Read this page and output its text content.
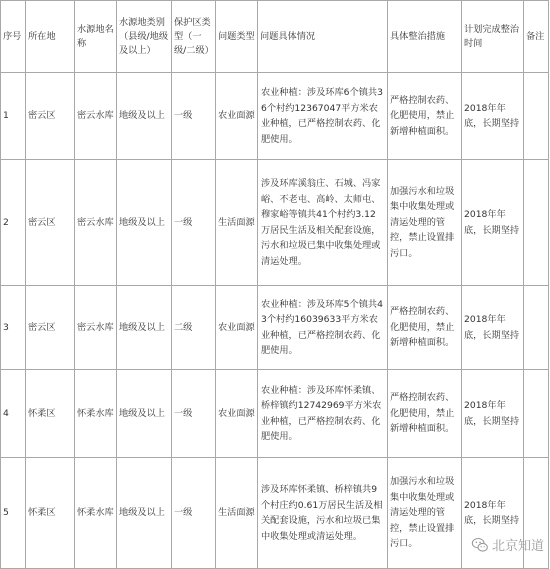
序号	所在地	水源地名称	水源地类别（县级/地级及以上）	保护区类型（一级/二级）	问题类型	问题具体情况	具体整治措施	计划完成整治时间	备注
1	密云区	密云水库	地级及以上	一级	农业面源	农业种植：涉及环库6个镇共36个村约12367047平方米农业种植，已严格控制农药、化肥使用。	严格控制农药、化肥使用，禁止新增种植面积。	2018年年底，长期坚持	
2	密云区	密云水库	地级及以上	一级	生活面源	涉及环库溪翁庄、石城、冯家峪、不老屯、高岭、太师屯、穆家峪等镇共41个村约3.12万居民生活及相关配套设施，污水和垃圾已集中收集处理或清运处理。	加强污水和垃圾集中收集处理或清运处理的管控，禁止设置排污口。	2018年年底，长期坚持	
3	密云区	密云水库	地级及以上	二级	农业面源	农业种植：涉及环库5个镇共43个村约16039633平方米农业种植，已严格控制农药、化肥使用。	严格控制农药、化肥使用，禁止新增种植面积。	2018年年底，长期坚持	
4	怀柔区	怀柔水库	地级及以上	一级	农业面源	农业种植：涉及环库怀柔镇、桥梓镇约12742969平方米农业种植，已严格控制农药、化肥使用。	严格控制农药、化肥使用，禁止新增种植面积。	2018年年底，长期坚持	
5	怀柔区	怀柔水库	地级及以上	一级	生活面源	涉及环库怀柔镇、桥梓镇共9个村庄约0.61万居民生活及相关配套设施，污水和垃圾已集中收集处理或清运处理。	加强污水和垃圾集中收集处理或清运处理的管控，禁止设置排污口。	2018年年底，长期坚持	
北京知道
